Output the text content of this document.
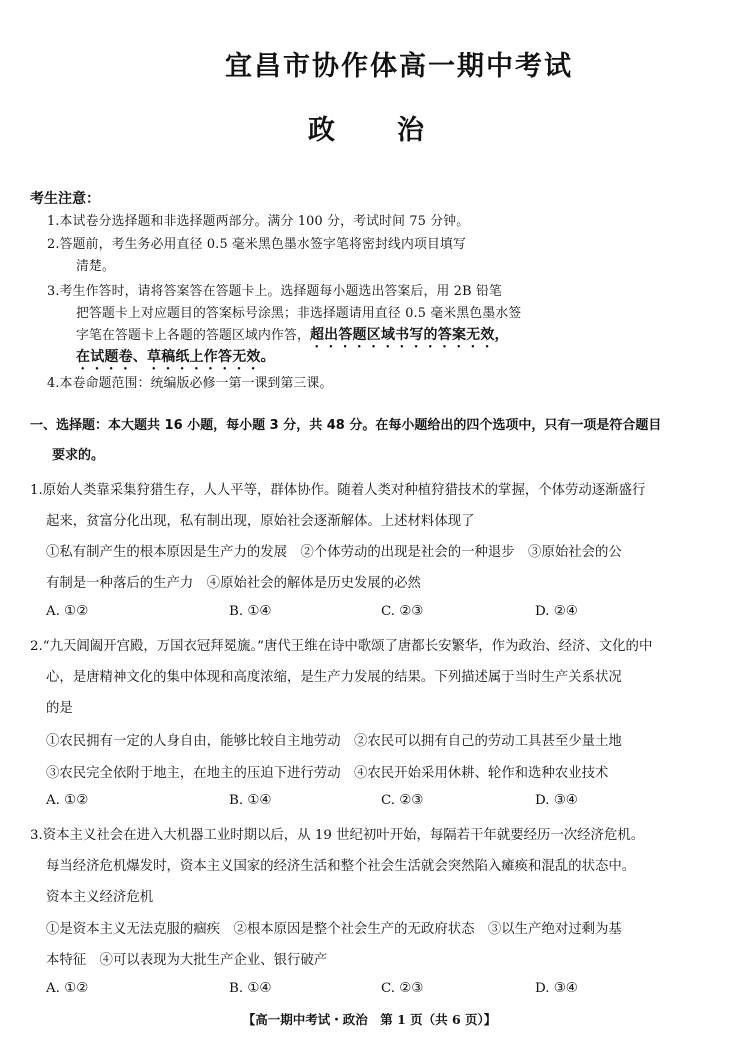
宜昌市协作体高一期中考试
政 治
考生注意：
1.本试卷分选择题和非选择题两部分。满分 100 分，考试时间 75 分钟。
2.答题前，考生务必用直径 0.5 毫米黑色墨水签字笔将密封线内项目填写
清楚。
3.考生作答时，请将答案答在答题卡上。选择题每小题选出答案后，用 2B 铅笔
把答题卡上对应题目的答案标号涂黑；非选择题请用直径 0.5 毫米黑色墨水签
字笔在答题卡上各题的答题区域内作答，超出答题区域书写的答案无效，
在试题卷、草稿纸上作答无效。
4.本卷命题范围：统编版必修一第一课到第三课。
一、选择题：本大题共 16 小题，每小题 3 分，共 48 分。在每小题给出的四个选项中，只有一项是符合题目
要求的。
1.原始人类靠采集狩猎生存，人人平等，群体协作。随着人类对种植狩猎技术的掌握，个体劳动逐渐盛行
起来，贫富分化出现，私有制出现，原始社会逐渐解体。上述材料体现了
①私有制产生的根本原因是生产力的发展　②个体劳动的出现是社会的一种退步　③原始社会的公
有制是一种落后的生产力　④原始社会的解体是历史发展的必然
A. ①②	B. ①④	C. ②③	D. ②④
2.“九天阊阖开宫殿，万国衣冠拜冕旒。”唐代王维在诗中歌颂了唐都长安繁华，作为政治、经济、文化的中
心，是唐精神文化的集中体现和高度浓缩，是生产力发展的结果。下列描述属于当时生产关系状况
的是
①农民拥有一定的人身自由，能够比较自主地劳动　②农民可以拥有自己的劳动工具甚至少量土地
③农民完全依附于地主，在地主的压迫下进行劳动　④农民开始采用休耕、轮作和选种农业技术
A. ①②	B. ①④	C. ②③	D. ③④
3.资本主义社会在进入大机器工业时期以后，从 19 世纪初叶开始，每隔若干年就要经历一次经济危机。
每当经济危机爆发时，资本主义国家的经济生活和整个社会生活就会突然陷入瘫痪和混乱的状态中。
资本主义经济危机
①是资本主义无法克服的痼疾　②根本原因是整个社会生产的无政府状态　③以生产绝对过剩为基
本特征　④可以表现为大批生产企业、银行破产
A. ①②	B. ①④	C. ②③	D. ③④
【高一期中考试・政治　第 1 页（共 6 页）】
